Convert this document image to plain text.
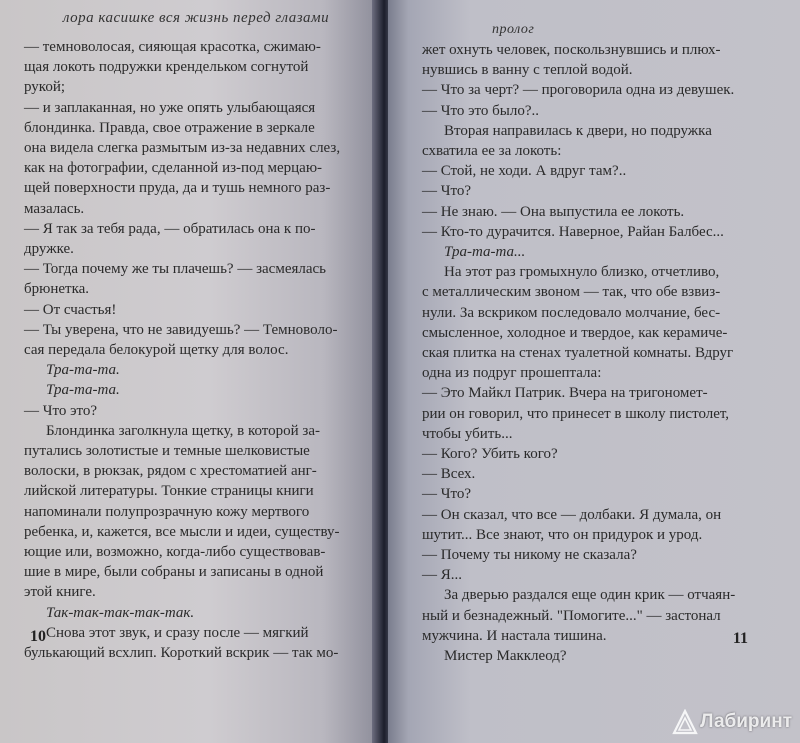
лора касишке вся жизнь перед глазами

— темноволосая, сияющая красоткa, сжимаю-

щая локоть подружки крендельком согнутой

рукой;

— и заплаканная, но уже опять улыбающаяся

блондинка. Правда, свое отражение в зеркале

она видела слегка размытым из-за недавних слез,

как на фотографии, сделанной из-под мерцаю-

щей поверхности пруда, да и тушь немного раз-

мазалась.

— Я так за тебя рада, — обратилась она к по-

дружке.

— Тогда почему же ты плачешь? — засмеялась

брюнетка.

— От счастья!

— Ты уверена, что не завидуешь? — Темноволо-

сая передала белокурой щетку для волос.

Тра-та-та.

Тра-та-та.

— Что это?

Блондинка заголкнула щетку, в которой за-

путались золотистые и темные шелковистые

волоски, в рюкзак, рядом с хрестоматией анг-

лийской литературы. Тонкие страницы книги

напоминали полупрозрачную кожу мертвого

ребенка, и, кажется, все мысли и идеи, существу-

ющие или, возможно, когда-либо существовав-

шие в мире, были собраны и записаны в одной

этой книге.

Так-так-так-так-так.

Снова этот звук, и сразу после — мягкий

булькающий всхлип. Короткий вскрик — так мо-

10
пролог

жет охнуть человек, поскользнувшись и плюх-

нувшись в ванну с теплой водой.

— Что за черт? — проговорила одна из девушек.

— Что это было?..

Вторая направилась к двери, но подружка

схватила ее за локоть:

— Стой, не ходи. А вдруг там?..

— Что?

— Не знаю. — Она выпустила ее локоть.

— Кто-то дурачится. Наверное, Райан Балбес...

Тра-та-та...

На этот раз громыхнуло близко, отчетливо,

с металлическим звоном — так, что обе взвиз-

нули. За вскриком последовало молчание, бес-

смысленное, холодное и твердое, как керамиче-

ская плитка на стенах туалетной комнаты. Вдруг

одна из подруг прошептала:

— Это Майкл Патрик. Вчера на тригономет-

рии он говорил, что принесет в школу пистолет,

чтобы убить...

— Кого? Убить кого?

— Всех.

— Что?

— Он сказал, что все — долбаки. Я думала, он

шутит... Все знают, что он придурок и урод.

— Почему ты никому не сказала?

— Я...

За дверью раздался еще один крик — отчаян-

ный и безнадежный. "Помогите..." — застонал

мужчина. И настала тишина.

Мистер Макклеод?

11
Лабиринт
